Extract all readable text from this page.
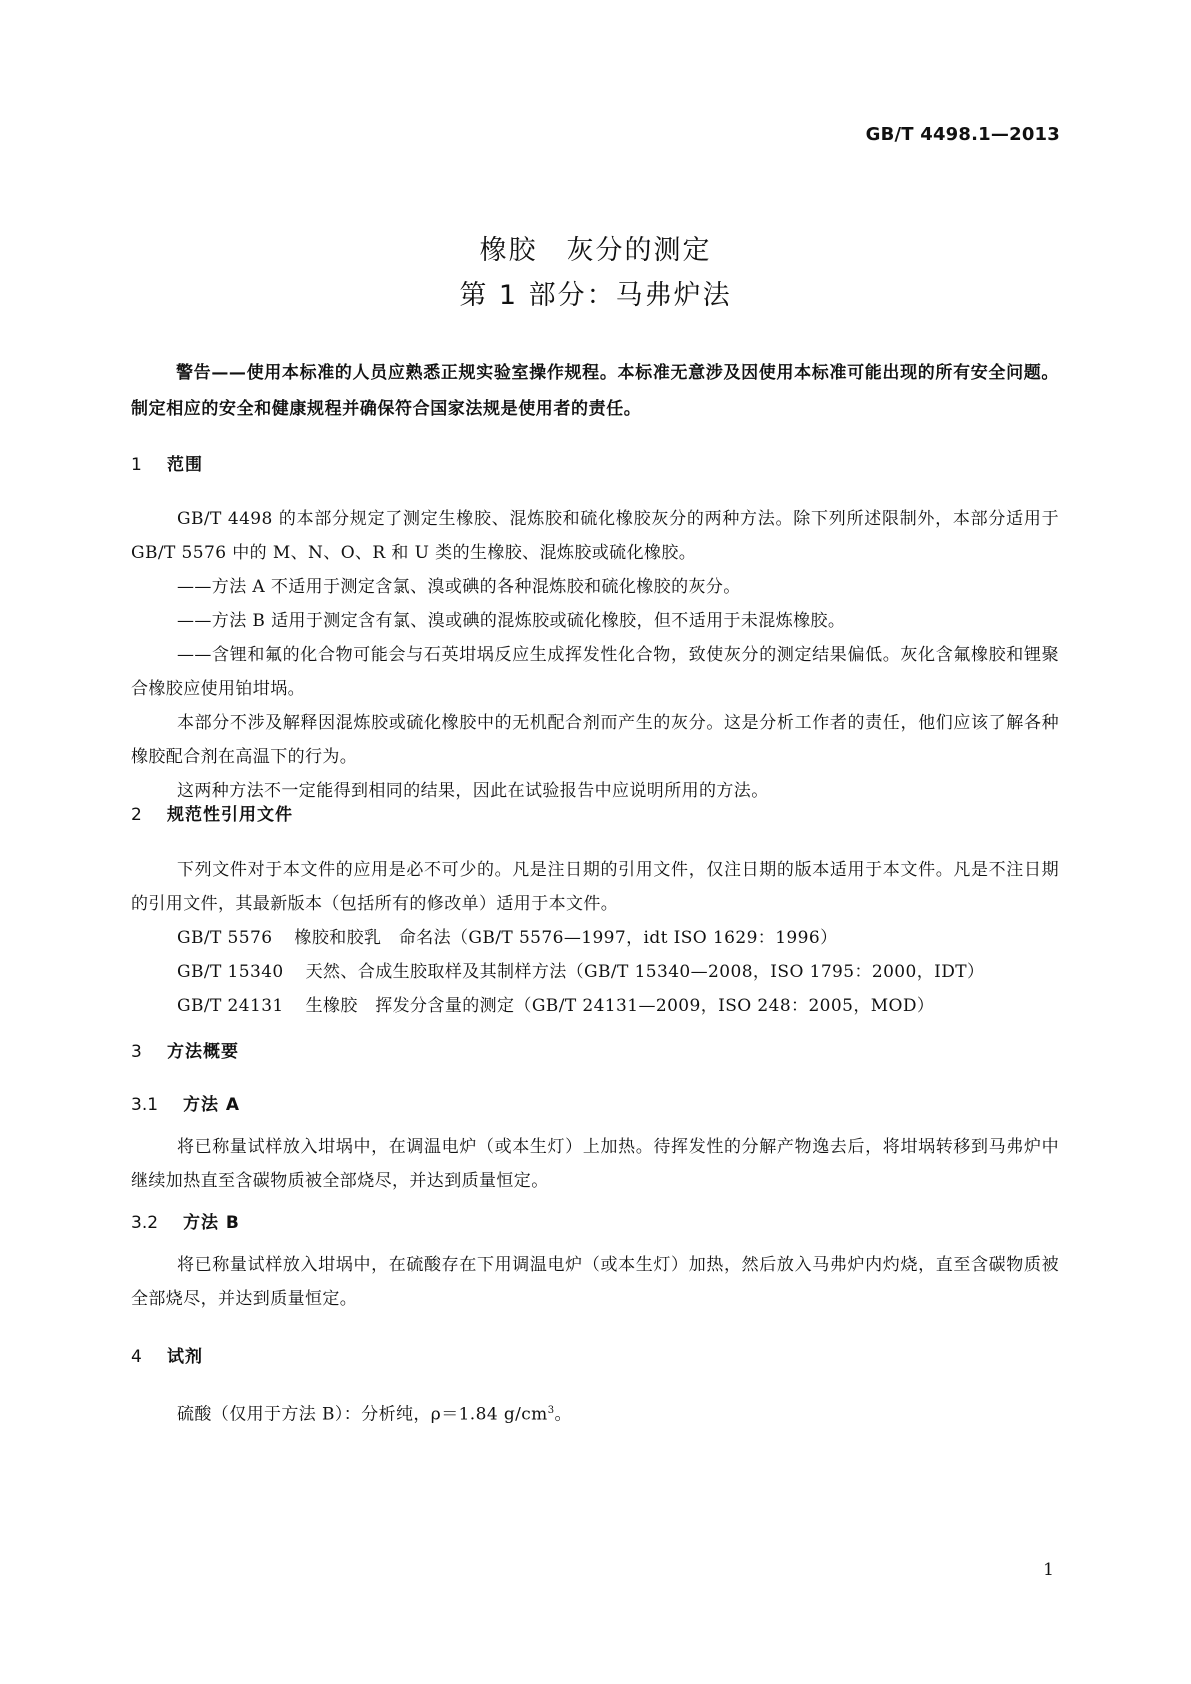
GB/T 4498.1—2013
橡胶　灰分的测定
第 1 部分：马弗炉法
警告——使用本标准的人员应熟悉正规实验室操作规程。本标准无意涉及因使用本标准可能出现的所有安全问题。制定相应的安全和健康规程并确保符合国家法规是使用者的责任。
1 范围

GB/T 4498 的本部分规定了测定生橡胶、混炼胶和硫化橡胶灰分的两种方法。除下列所述限制外，本部分适用于 GB/T 5576 中的 M、N、O、R 和 U 类的生橡胶、混炼胶或硫化橡胶。

——方法 A 不适用于测定含氯、溴或碘的各种混炼胶和硫化橡胶的灰分。

——方法 B 适用于测定含有氯、溴或碘的混炼胶或硫化橡胶，但不适用于未混炼橡胶。

——含锂和氟的化合物可能会与石英坩埚反应生成挥发性化合物，致使灰分的测定结果偏低。灰化含氟橡胶和锂聚合橡胶应使用铂坩埚。

本部分不涉及解释因混炼胶或硫化橡胶中的无机配合剂而产生的灰分。这是分析工作者的责任，他们应该了解各种橡胶配合剂在高温下的行为。

这两种方法不一定能得到相同的结果，因此在试验报告中应说明所用的方法。

2 规范性引用文件

下列文件对于本文件的应用是必不可少的。凡是注日期的引用文件，仅注日期的版本适用于本文件。凡是不注日期的引用文件，其最新版本（包括所有的修改单）适用于本文件。

GB/T 5576 橡胶和胶乳　命名法（GB/T 5576—1997，idt ISO 1629：1996）

GB/T 15340 天然、合成生胶取样及其制样方法（GB/T 15340—2008，ISO 1795：2000，IDT）

GB/T 24131 生橡胶　挥发分含量的测定（GB/T 24131—2009，ISO 248：2005，MOD）

3 方法概要
3.1 方法 A

将已称量试样放入坩埚中，在调温电炉（或本生灯）上加热。待挥发性的分解产物逸去后，将坩埚转移到马弗炉中继续加热直至含碳物质被全部烧尽，并达到质量恒定。

3.2 方法 B

将已称量试样放入坩埚中，在硫酸存在下用调温电炉（或本生灯）加热，然后放入马弗炉内灼烧，直至含碳物质被全部烧尽，并达到质量恒定。

4 试剂

硫酸（仅用于方法 B）：分析纯，ρ＝1.84 $g/cm^3$。

1
